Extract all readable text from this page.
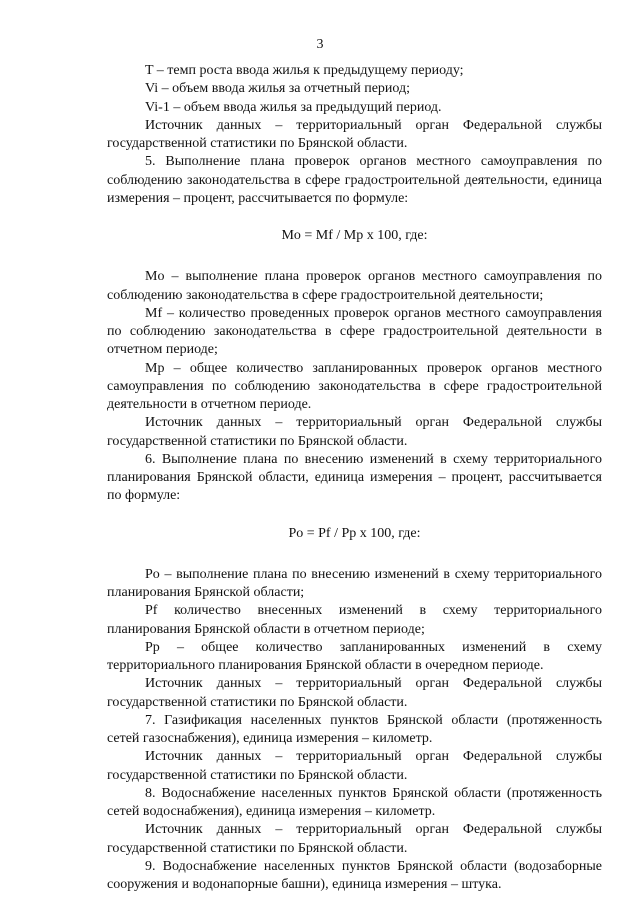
3

T – темп роста ввода жилья к предыдущему периоду;

Vi – объем ввода жилья за отчетный период;

Vi-1 – объем ввода жилья за предыдущий период.

Источник данных – территориальный орган Федеральной службы государственной статистики по Брянской области.

5. Выполнение плана проверок органов местного самоуправления по соблюдению законодательства в сфере градостроительной деятельности, единица измерения – процент, рассчитывается по формуле:

Mo = Mf / Mp x 100, где:

Mo – выполнение плана проверок органов местного самоуправления по соблюдению законодательства в сфере градостроительной деятельности;

Mf – количество проведенных проверок органов местного самоуправления по соблюдению законодательства в сфере градостроительной деятельности в отчетном периоде;

Mp – общее количество запланированных проверок органов местного самоуправления по соблюдению законодательства в сфере градостроительной деятельности в отчетном периоде.

Источник данных – территориальный орган Федеральной службы государственной статистики по Брянской области.

6. Выполнение плана по внесению изменений в схему территориального планирования Брянской области, единица измерения – процент, рассчитывается по формуле:

Po = Pf / Pp x 100, где:

Po – выполнение плана по внесению изменений в схему территориального планирования Брянской области;

Pf количество внесенных изменений в схему территориального планирования Брянской области в отчетном периоде;

Pp – общее количество запланированных изменений в схему территориального планирования Брянской области в очередном периоде.

Источник данных – территориальный орган Федеральной службы государственной статистики по Брянской области.

7. Газификация населенных пунктов Брянской области (протяженность сетей газоснабжения), единица измерения – километр.

Источник данных – территориальный орган Федеральной службы государственной статистики по Брянской области.

8. Водоснабжение населенных пунктов Брянской области (протяженность сетей водоснабжения), единица измерения – километр.

Источник данных – территориальный орган Федеральной службы государственной статистики по Брянской области.

9. Водоснабжение населенных пунктов Брянской области (водозаборные сооружения и водонапорные башни), единица измерения – штука.
